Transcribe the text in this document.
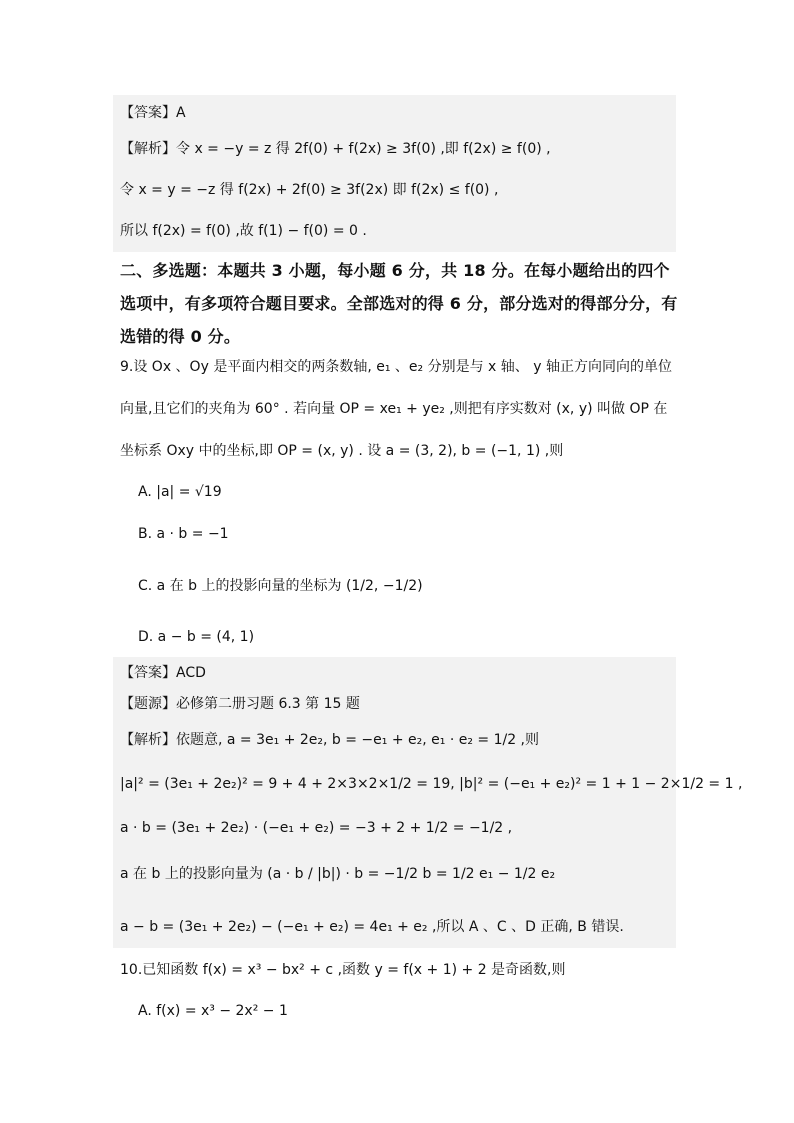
【答案】A
【解析】令 x = −y = z 得 2f(0) + f(2x) ≥ 3f(0) ,即 f(2x) ≥ f(0) ,
令 x = y = −z 得 f(2x) + 2f(0) ≥ 3f(2x) 即 f(2x) ≤ f(0) ,
所以 f(2x) = f(0) ,故 f(1) − f(0) = 0 .
二、多选题：本题共 3 小题，每小题 6 分，共 18 分。在每小题给出的四个选项中，有多项符合题目要求。全部选对的得 6 分，部分选对的得部分分，有选错的得 0 分。
9.设 Ox 、Oy 是平面内相交的两条数轴, e₁ 、e₂ 分别是与 x 轴、 y 轴正方向同向的单位
向量,且它们的夹角为 60° . 若向量 OP = xe₁ + ye₂ ,则把有序实数对 (x, y) 叫做 OP 在
坐标系 Oxy 中的坐标,即 OP = (x, y) . 设 a = (3, 2), b = (−1, 1) ,则
A. |a| = √19
B. a · b = −1
C. a 在 b 上的投影向量的坐标为 (1/2, −1/2)
D. a − b = (4, 1)
【答案】ACD
【题源】必修第二册习题 6.3 第 15 题
【解析】依题意, a = 3e₁ + 2e₂, b = −e₁ + e₂, e₁ · e₂ = 1/2 ,则
|a|² = (3e₁ + 2e₂)² = 9 + 4 + 2×3×2×1/2 = 19, |b|² = (−e₁ + e₂)² = 1 + 1 − 2×1/2 = 1 ,
a · b = (3e₁ + 2e₂) · (−e₁ + e₂) = −3 + 2 + 1/2 = −1/2 ,
a 在 b 上的投影向量为 (a · b / |b|) · b = −1/2 b = 1/2 e₁ − 1/2 e₂
a − b = (3e₁ + 2e₂) − (−e₁ + e₂) = 4e₁ + e₂ ,所以 A 、C 、D 正确, B 错误.
10.已知函数 f(x) = x³ − bx² + c ,函数 y = f(x + 1) + 2 是奇函数,则
A. f(x) = x³ − 2x² − 1
